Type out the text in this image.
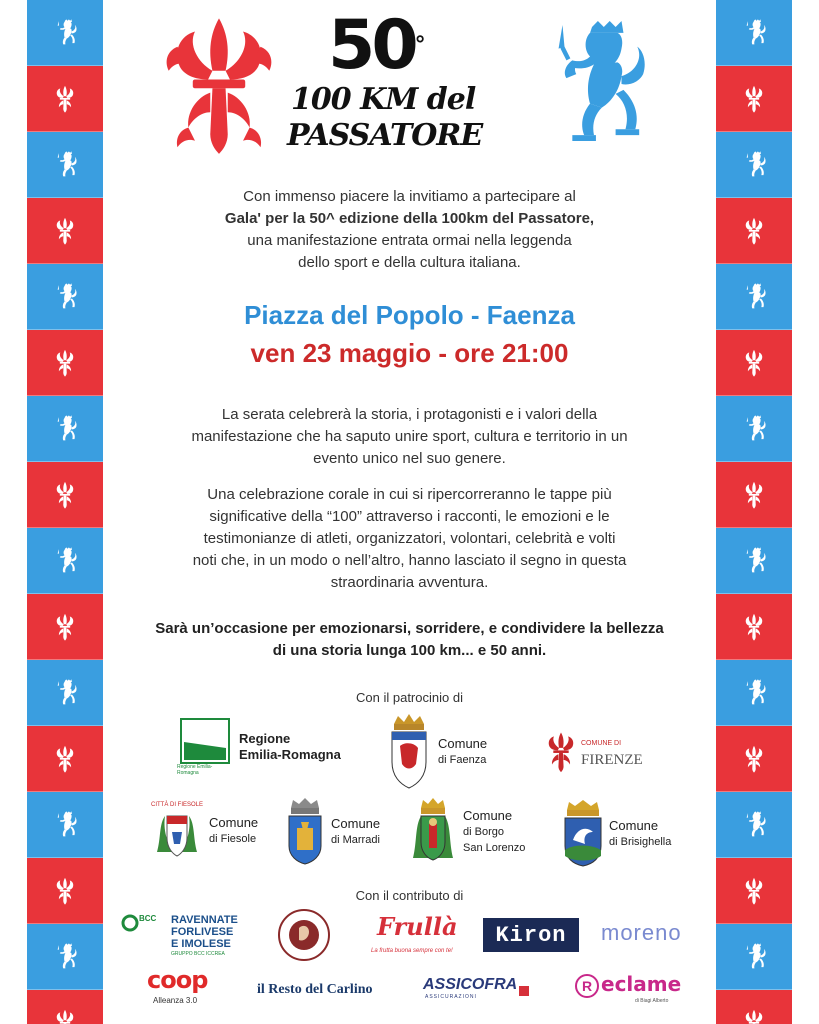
50°
100 KM del
PASSATORE
Con immenso piacere la invitiamo a partecipare al
Gala' per la 50^ edizione della 100km del Passatore,
una manifestazione entrata ormai nella leggenda
dello sport e della cultura italiana.
Piazza del Popolo - Faenza
ven 23 maggio - ore 21:00
La serata celebrerà la storia, i protagonisti e i valori della
manifestazione che ha saputo unire sport, cultura e territorio in un
evento unico nel suo genere.
Una celebrazione corale in cui si ripercorreranno le tappe più
significative della “100” attraverso i racconti, le emozioni e le
testimonianze di atleti, organizzatori, volontari, celebrità e volti
noti che, in un modo o nell’altro, hanno lasciato il segno in questa
straordinaria avventura.
Sarà un’occasione per emozionarsi, sorridere, e condividere la bellezza
di una storia lunga 100 km... e 50 anni.
Con il patrocinio di
Regione Emilia-Romagna
Regione
Emilia-Romagna
Comune
di Faenza
COMUNE DI
FIRENZE
CITTÀ DI FIESOLE
Comune
di Fiesole
Comune
di Marradi
Comune
di Borgo
San Lorenzo
Comune
di Brisighella
Con il contributo di
BCC RAVENNATE
FORLIVESE
E IMOLESE
GRUPPO BCC ICCREA
Frullà
La frutta buona sempre con te!
Kiron	moreno
coop
Alleanza 3.0
il Resto del Carlino	ASSICOFRA
ASSICURAZIONI
R eclame
di Biagi Alberto
